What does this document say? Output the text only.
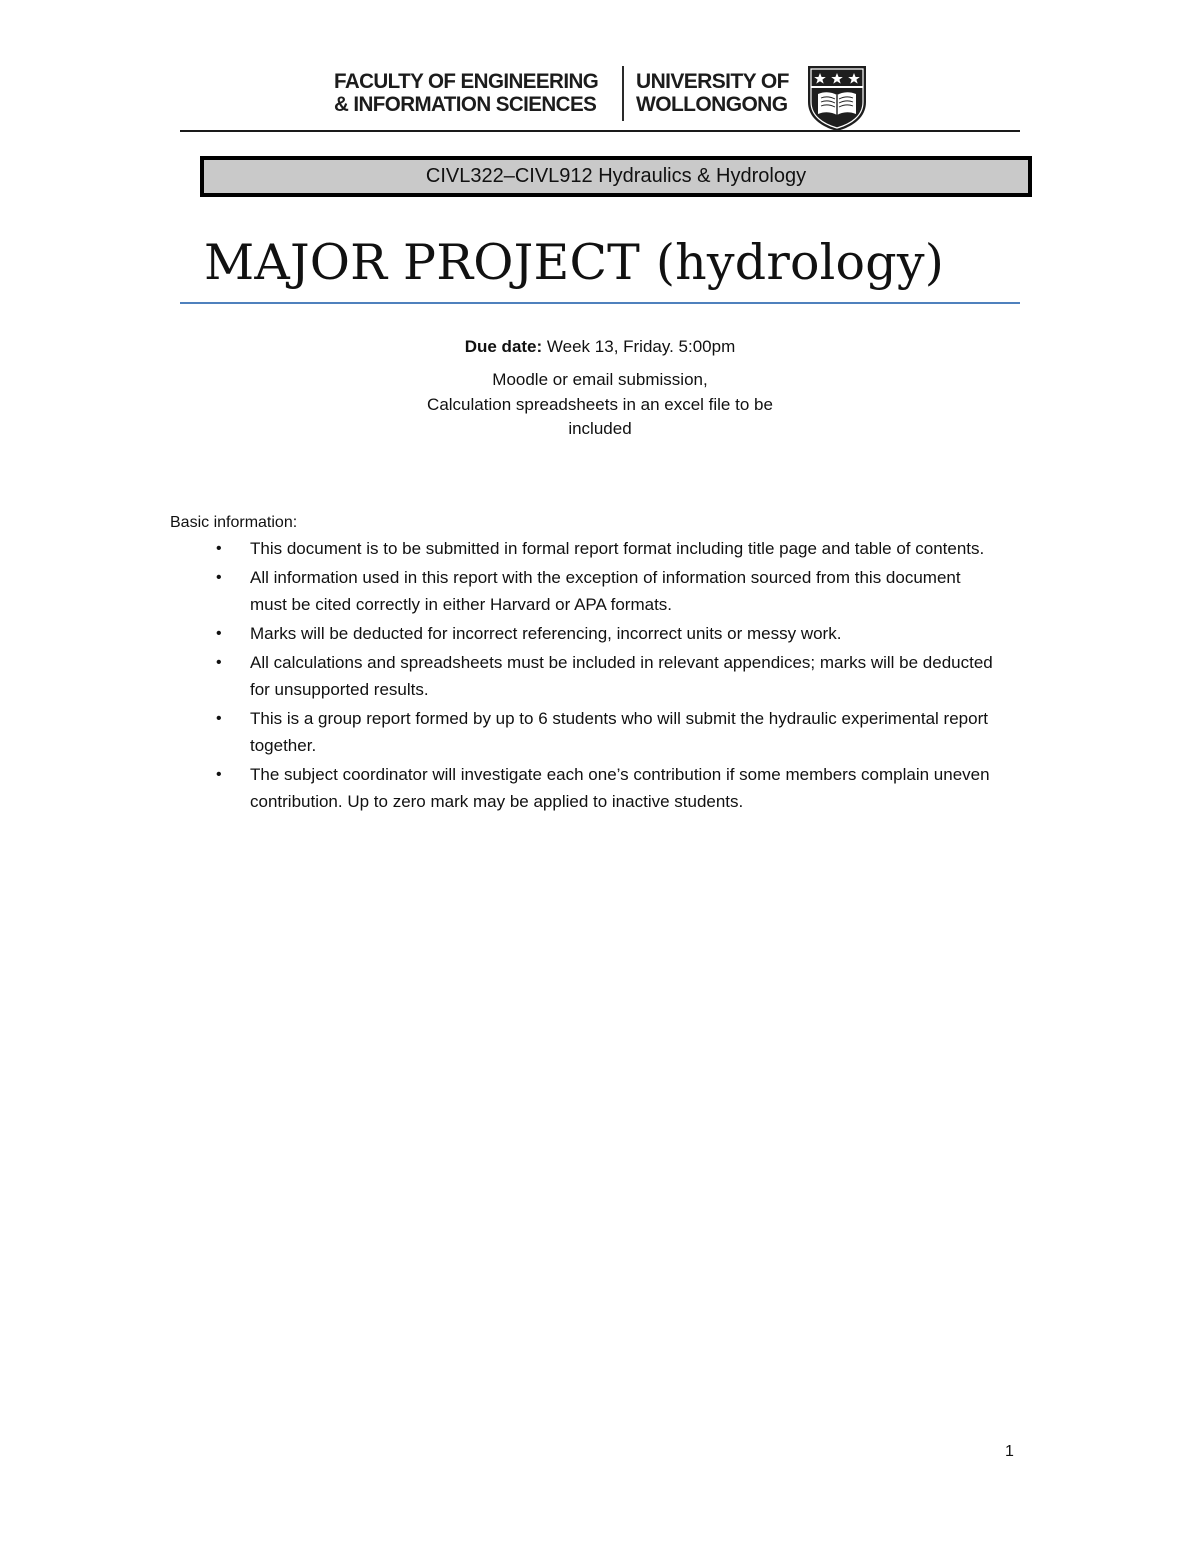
FACULTY OF ENGINEERING
& INFORMATION SCIENCES
UNIVERSITY OF
WOLLONGONG
CIVL322–CIVL912 Hydraulics & Hydrology
MAJOR PROJECT (hydrology)
Due date: Week 13, Friday. 5:00pm
Moodle or email submission,
Calculation spreadsheets in an excel file to be
included
Basic information:
• This document is to be submitted in formal report format including title page and table of contents.
• All information used in this report with the exception of information sourced from this document must be cited correctly in either Harvard or APA formats.
• Marks will be deducted for incorrect referencing, incorrect units or messy work.
• All calculations and spreadsheets must be included in relevant appendices; marks will be deducted for unsupported results.
• This is a group report formed by up to 6 students who will submit the hydraulic experimental report together.
• The subject coordinator will investigate each one’s contribution if some members complain uneven contribution. Up to zero mark may be applied to inactive students.
1
